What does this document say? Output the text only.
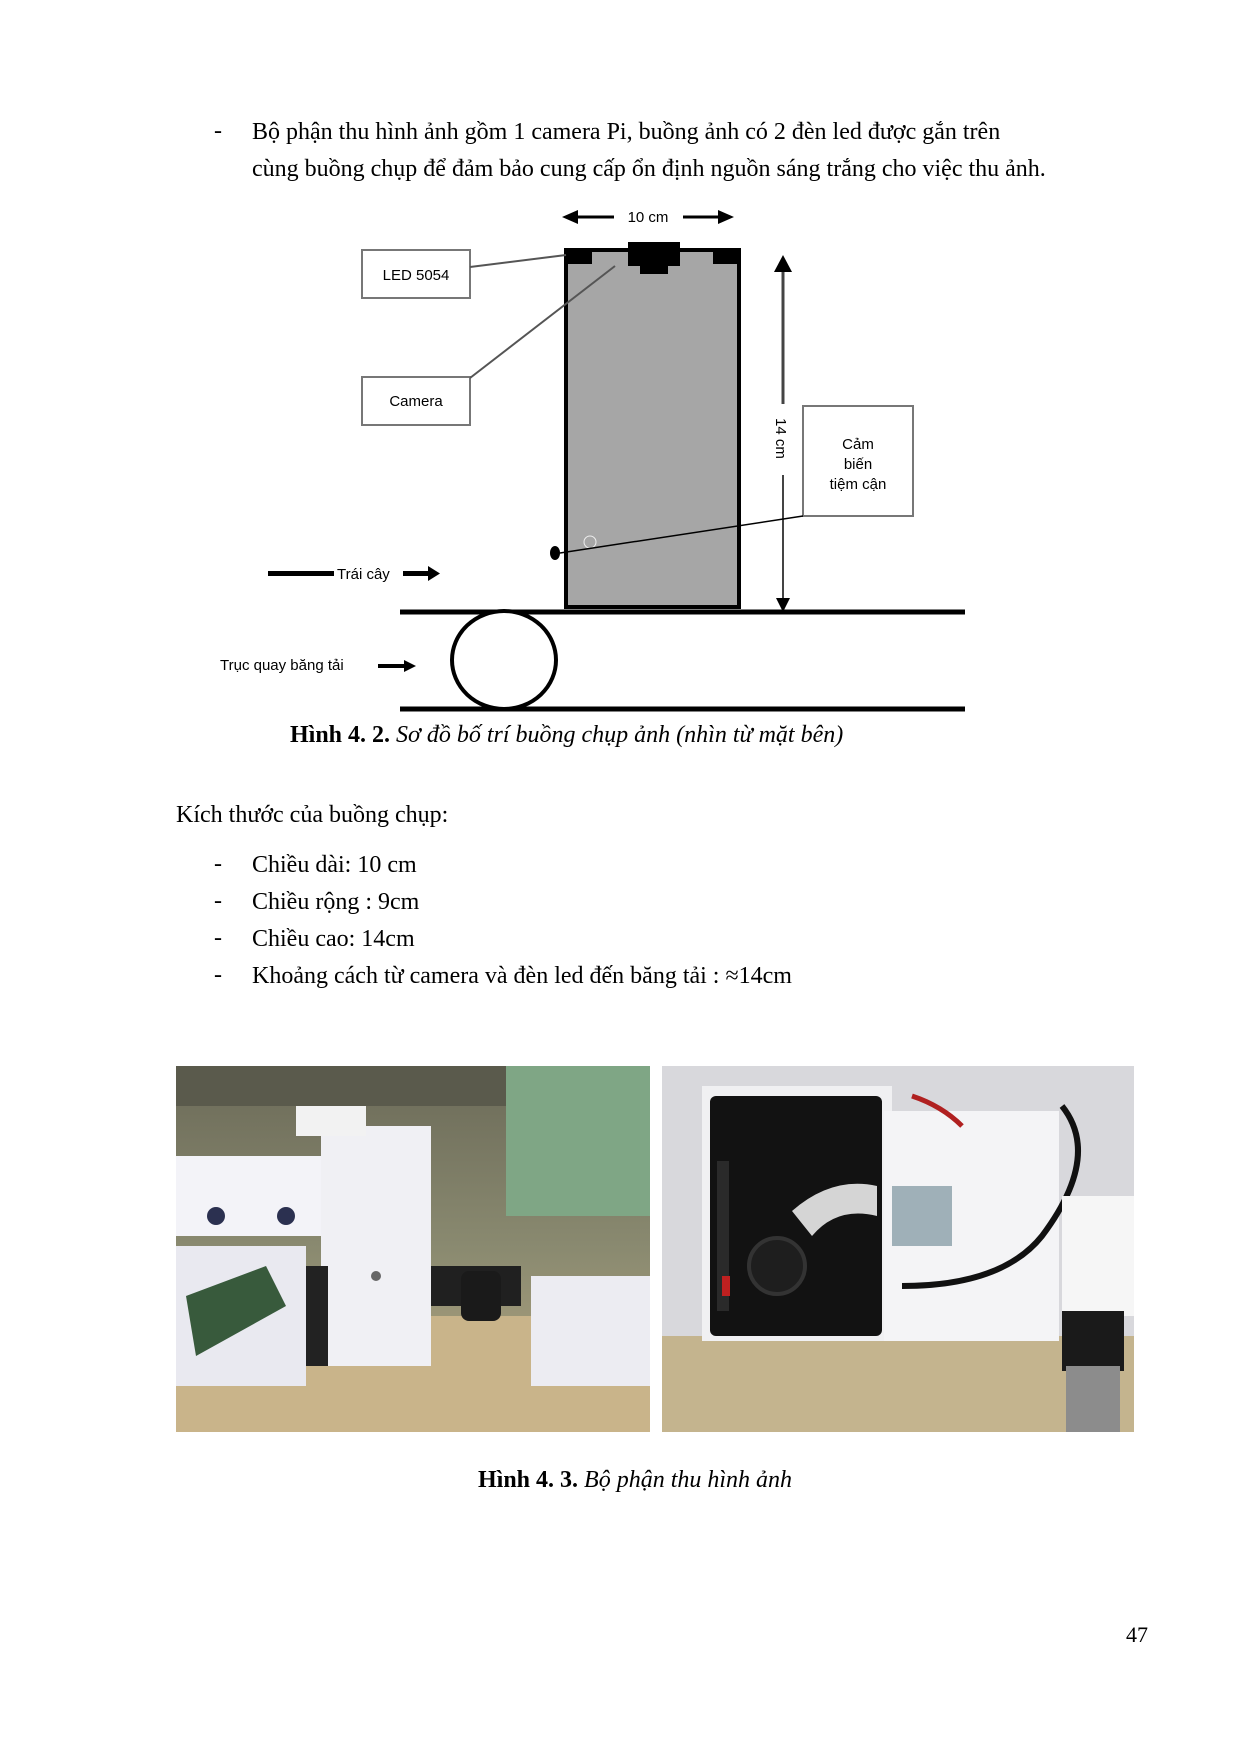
- Bộ phận thu hình ảnh gồm 1 camera Pi, buồng ảnh có 2 đèn led được gắn trên
cùng buồng chụp để đảm bảo cung cấp ổn định nguồn sáng trắng cho việc thu ảnh.
10 cm
LED 5054
Camera
14 cm	Cảm
biến
tiệm cận
Trái cây
Trục quay băng tải
Hình 4. 2. Sơ đồ bố trí buồng chụp ảnh (nhìn từ mặt bên)
Kích thước của buồng chụp:
- Chiều dài: 10 cm
- Chiều rộng : 9cm
- Chiều cao: 14cm
- Khoảng cách từ camera và đèn led đến băng tải : ≈14cm
Hình 4. 3. Bộ phận thu hình ảnh
47
